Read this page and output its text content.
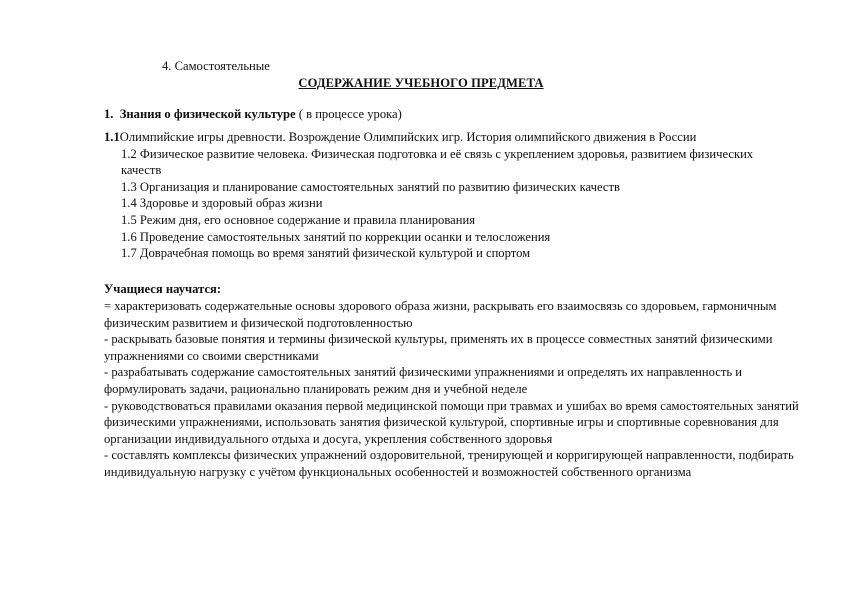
4. Самостоятельные
СОДЕРЖАНИЕ УЧЕБНОГО ПРЕДМЕТА
1. Знания о физической культуре ( в процессе урока)
1.1Олимпийские игры древности. Возрождение Олимпийских игр. История олимпийского движения в России
1.2 Физическое развитие человека. Физическая подготовка и её связь с укреплением здоровья, развитием физических качеств
1.3 Организация и планирование самостоятельных занятий по развитию физических качеств
1.4 Здоровье и здоровый образ жизни
1.5 Режим дня, его основное содержание и правила планирования
1.6 Проведение самостоятельных занятий по коррекции осанки и телосложения
1.7 Доврачебная помощь во время занятий физической культурой и спортом
Учащиеся научатся:
= характеризовать содержательные основы здорового образа жизни, раскрывать его взаимосвязь со здоровьем, гармоничным физическим развитием и физической подготовленностью
- раскрывать базовые понятия и термины физической культуры, применять их в процессе совместных занятий физическими упражнениями со своими сверстниками
- разрабатывать содержание самостоятельных занятий физическими упражнениями и определять их направленность и формулировать задачи, рационально планировать режим дня и учебной неделе
- руководствоваться правилами оказания первой медицинской помощи при травмах и ушибах во время самостоятельных занятий физическими упражнениями, использовать занятия физической культурой, спортивные игры и спортивные соревнования для организации индивидуального отдыха и досуга, укрепления собственного здоровья
- составлять комплексы физических упражнений оздоровительной, тренирующей и корригирующей направленности, подбирать индивидуальную нагрузку с учётом функциональных особенностей и возможностей собственного организма
